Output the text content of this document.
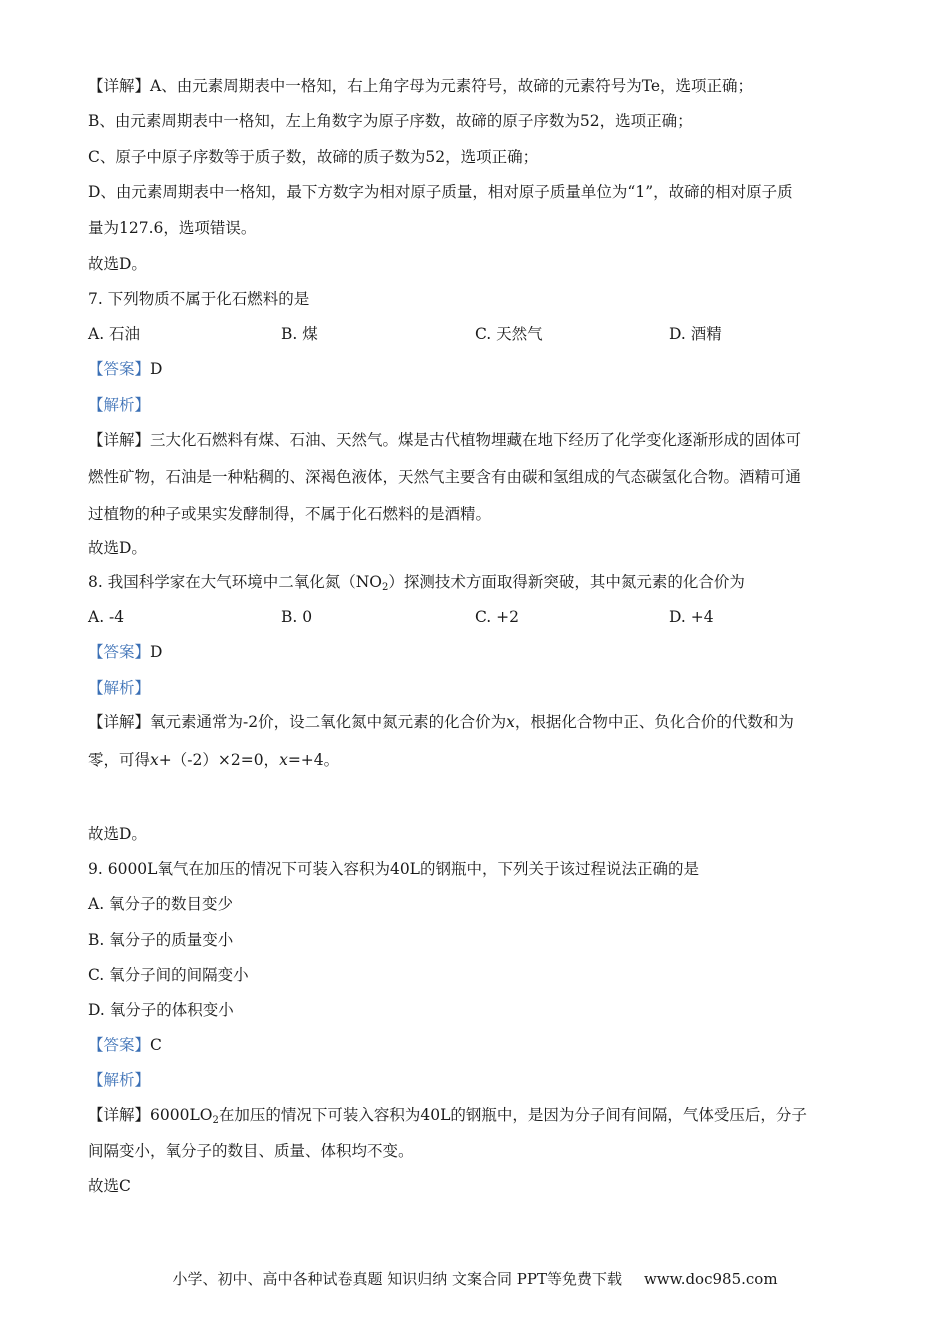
【详解】A、由元素周期表中一格知，右上角字母为元素符号，故碲的元素符号为Te，选项正确；
B、由元素周期表中一格知，左上角数字为原子序数，故碲的原子序数为52，选项正确；
C、原子中原子序数等于质子数，故碲的质子数为52，选项正确；
D、由元素周期表中一格知，最下方数字为相对原子质量，相对原子质量单位为“1”，故碲的相对原子质
量为127.6，选项错误。
故选D。
7. 下列物质不属于化石燃料的是
A. 石油	B. 煤	C. 天然气	D. 酒精
【答案】D
【解析】
【详解】三大化石燃料有煤、石油、天然气。煤是古代植物埋藏在地下经历了化学变化逐渐形成的固体可
燃性矿物，石油是一种粘稠的、深褐色液体，天然气主要含有由碳和氢组成的气态碳氢化合物。酒精可通
过植物的种子或果实发酵制得，不属于化石燃料的是酒精。
故选D。
8. 我国科学家在大气环境中二氧化氮$(NO_2)$探测技术方面取得新突破，其中氮元素的化合价为
A. -4	B. 0	C. +2	D. +4
【答案】D
【解析】
【详解】氧元素通常为-2价，设二氧化氮中氮元素的化合价为x，根据化合物中正、负化合价的代数和为
零，可得x+（-2）×2=0，x=+4。
故选D。
9. 6000L氧气在加压的情况下可装入容积为40L的钢瓶中，下列关于该过程说法正确的是
A. 氧分子的数目变少
B. 氧分子的质量变小
C. 氧分子间的间隔变小
D. 氧分子的体积变小
【答案】C
【解析】
【详解】$6000LO_2$在加压的情况下可装入容积为40L的钢瓶中，是因为分子间有间隔，气体受压后，分子
间隔变小，氧分子的数目、质量、体积均不变。
故选C
小学、初中、高中各种试卷真题 知识归纳 文案合同 PPT等免费下载 www.doc985.com
